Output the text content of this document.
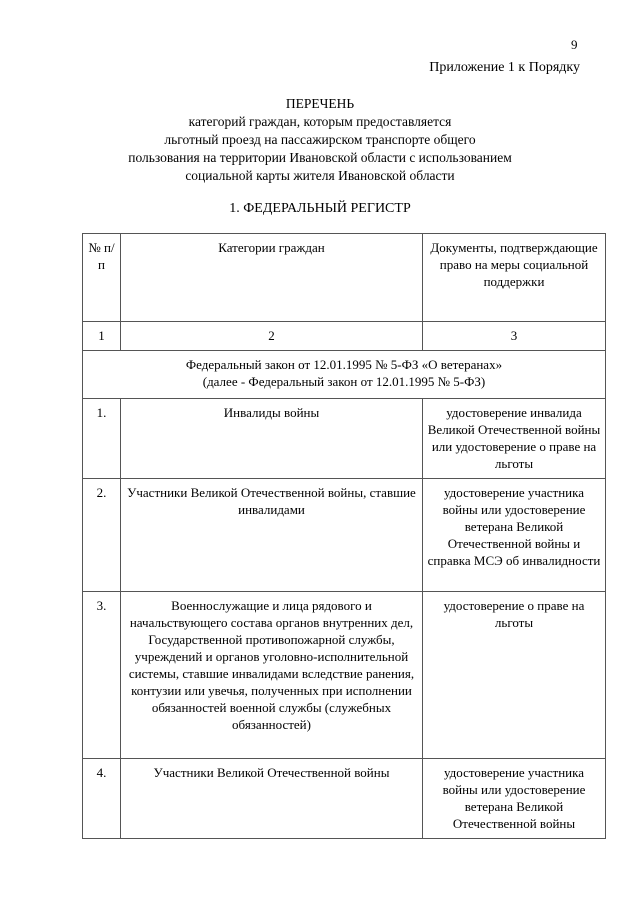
9
Приложение 1 к Порядку
ПЕРЕЧЕНЬ
категорий граждан, которым предоставляется
льготный проезд на пассажирском транспорте общего
пользования на территории Ивановской области с использованием
социальной карты жителя Ивановской области
1. ФЕДЕРАЛЬНЫЙ РЕГИСТР
№ п/п	Категории граждан	Документы, подтверждающие право на меры социальной поддержки
1	2	3

Федеральный закон от 12.01.1995 № 5-ФЗ «О ветеранах»
(далее - Федеральный закон от 12.01.1995 № 5-ФЗ)		

1.	Инвалиды войны	удостоверение инвалида Великой Отечественной войны или удостоверение о праве на льготы
2.	Участники Великой Отечественной войны, ставшие инвалидами	удостоверение участника войны или удостоверение ветерана Великой Отечественной войны и справка МСЭ об инвалидности
3.	Военнослужащие и лица рядового и начальствующего состава органов внутренних дел, Государственной противопожарной службы, учреждений и органов уголовно-исполнительной системы, ставшие инвалидами вследствие ранения, контузии или увечья, полученных при исполнении обязанностей военной службы (служебных обязанностей)	удостоверение о праве на льготы
4.	Участники Великой Отечественной войны	удостоверение участника войны или удостоверение ветерана Великой Отечественной войны
